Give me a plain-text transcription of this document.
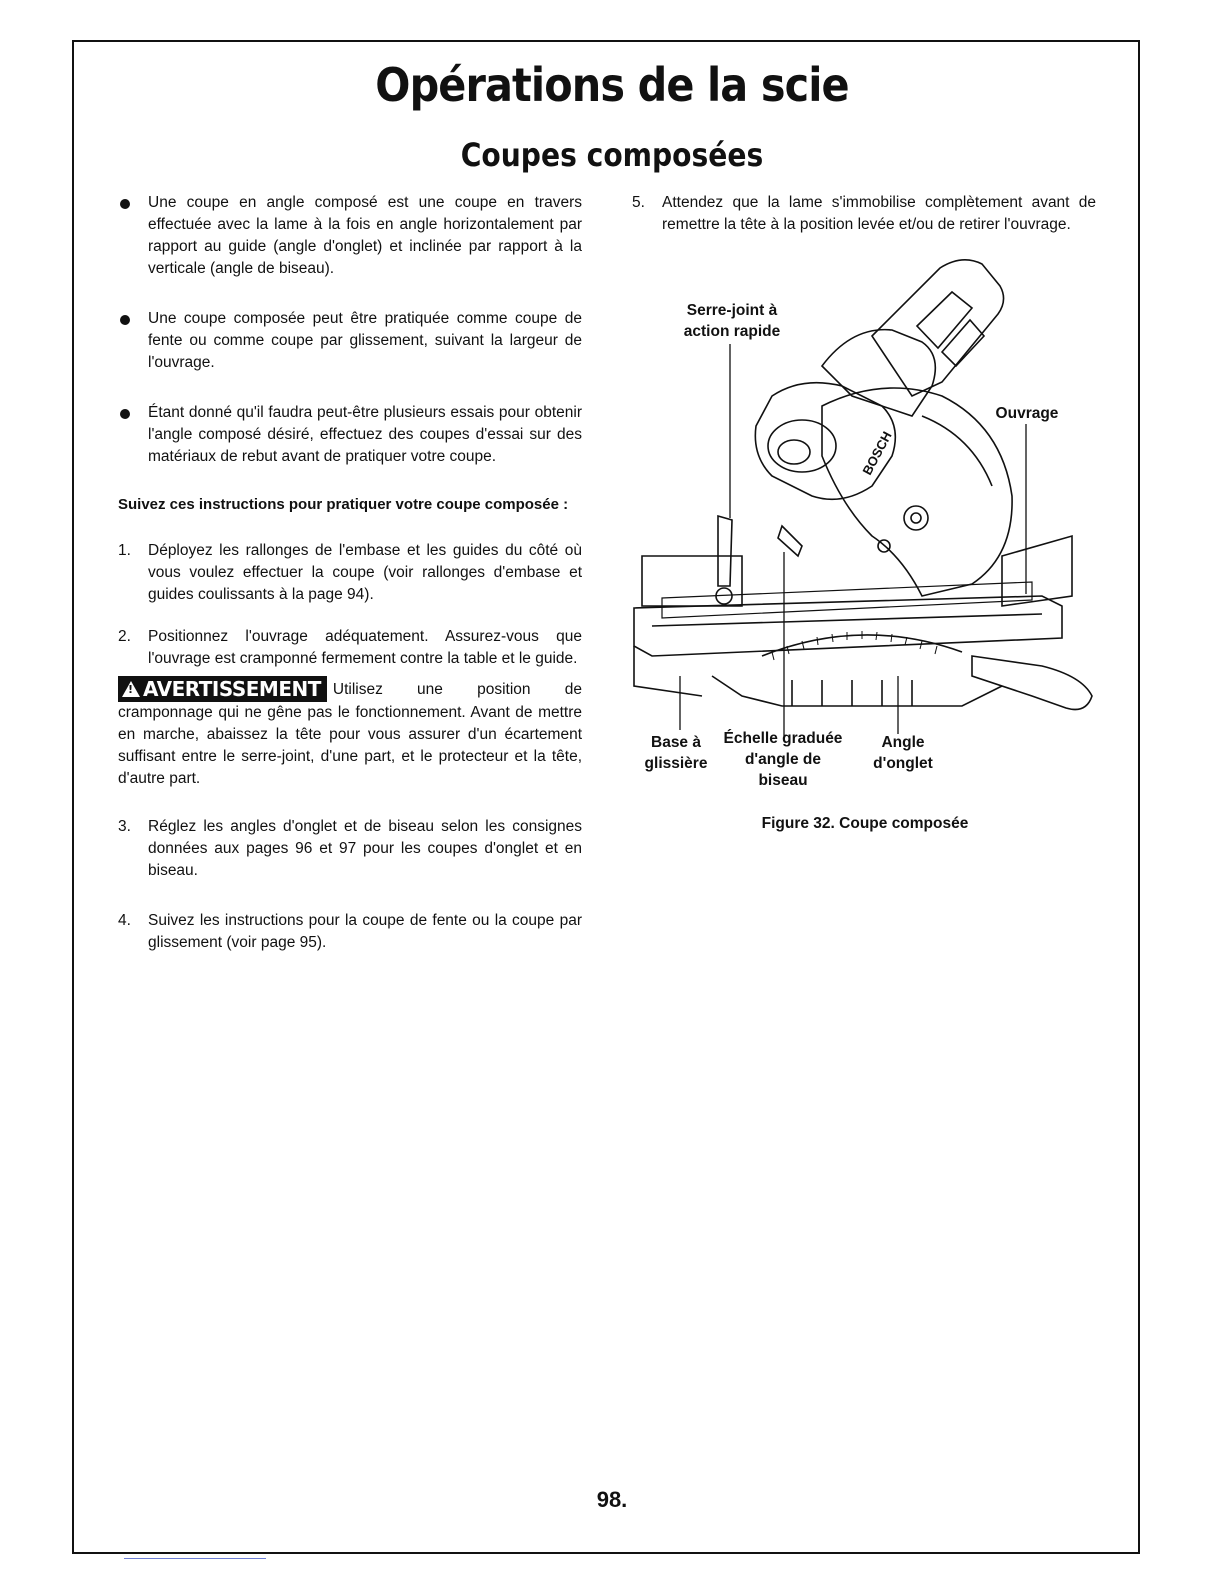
Opérations de la scie
Coupes composées

Une coupe en angle composé est une coupe en travers effectuée avec la lame à la fois en angle horizontalement par rapport au guide (angle d'onglet) et inclinée par rapport à la verticale (angle de biseau).

Une coupe composée peut être pratiquée comme coupe de fente ou comme coupe par glissement, suivant la largeur de l'ouvrage.

Étant donné qu'il faudra peut-être plusieurs essais pour obtenir l'angle composé désiré, effectuez des coupes d'essai sur des matériaux de rebut avant de pratiquer votre coupe.

Suivez ces instructions pour pratiquer votre coupe composée :

1. Déployez les rallonges de l'embase et les guides du côté où vous voulez effectuer la coupe (voir rallonges d'embase et guides coulissants à la page 94).
2. Positionnez l'ouvrage adéquatement. Assurez-vous que l'ouvrage est cramponné fermement contre la table et le guide.

!AVERTISSEMENT Utilisez une position de cramponnage qui ne gêne pas le fonctionnement. Avant de mettre en marche, abaissez la tête pour vous assurer d'un écartement suffisant entre le serre-joint, d'une part, et le protecteur et la tête, d'autre part.

3. Réglez les angles d'onglet et de biseau selon les consignes données aux pages 96 et 97 pour les coupes d'onglet et en biseau.
4. Suivez les instructions pour la coupe de fente ou la coupe par glissement (voir page 95).
5. Attendez que la lame s'immobilise complètement avant de remettre la tête à la position levée et/ou de retirer l'ouvrage.
BOSCH
Serre-joint à
action rapide
Ouvrage
Base à
glissière
Échelle graduée
d'angle de
biseau
Angle
d'onglet
Figure 32. Coupe composée
98.
